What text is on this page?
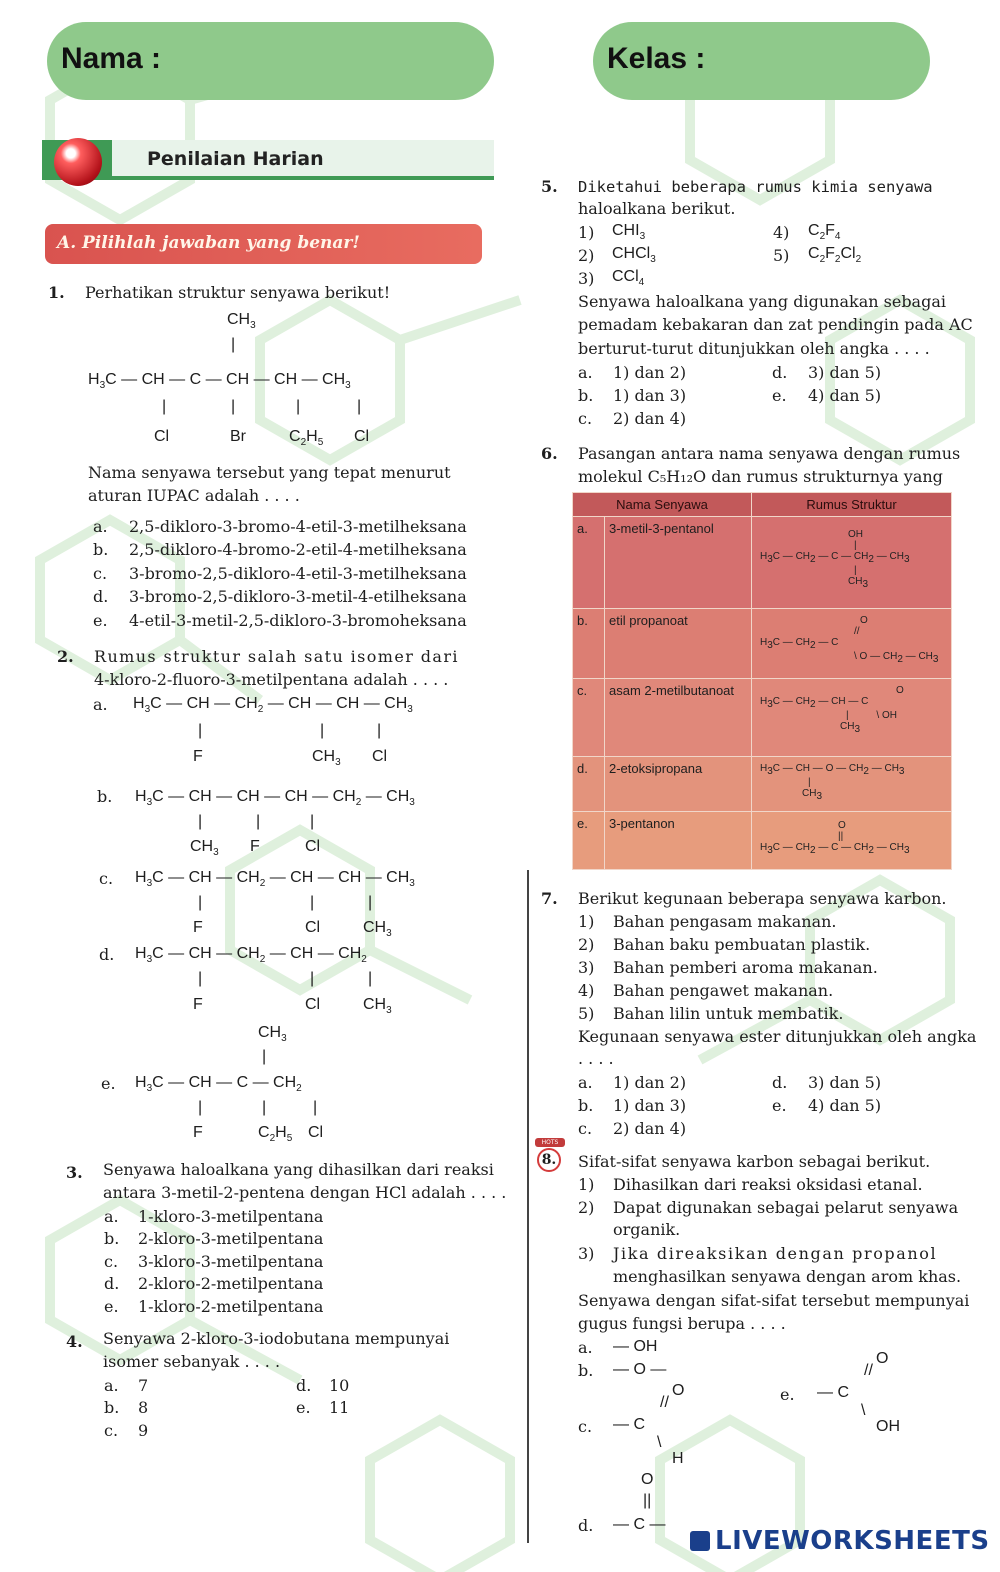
Nama :	Kelas :
Penilaian Harian
A. Pilihlah jawaban yang benar!
1. Perhatikan struktur senyawa berikut!
$CH_3$
|
$H_3C$ — CH — C — CH — CH — $CH_3$
|	|	|	|
Cl	Br	$C_2H_5$ Cl
Nama senyawa tersebut yang tepat menurut
aturan IUPAC adalah . . . .
a. 2,5-dikloro-3-bromo-4-etil-3-metilheksana
b. 2,5-dikloro-4-bromo-2-etil-4-metilheksana
c. 3-bromo-2,5-dikloro-4-etil-3-metilheksana
d. 3-bromo-2,5-dikloro-3-metil-4-etilheksana
e. 4-etil-3-metil-2,5-dikloro-3-bromoheksana
2. Rumus struktur salah satu isomer dari
4-kloro-2-fluoro-3-metilpentana adalah . . . .
a. $H_3C$ — CH — $CH_2$ — CH — CH — $CH_3$
|	|	|
F	$CH_3$ Cl
b. $H_3C$ — CH — CH — CH — $CH_2$ — $CH_3$
|	|	|
$CH_3$ F	Cl
c. $H_3C$ — CH — $CH_2$ — CH — CH — $CH_3$
|	|	|
F	Cl	$CH_3$
d. $H_3C$ — CH — $CH_2$ — CH — $CH_2$
|	|	|
F	Cl	$CH_3$
e.
$CH_3$
|
$H_3C$ — CH — C — $CH_2$
|	|	|
F	$C_2H_5$ Cl
3. Senyawa haloalkana yang dihasilkan dari reaksi
antara 3-metil-2-pentena dengan HCl adalah . . . .
a. 1-kloro-3-metilpentana
b. 2-kloro-3-metilpentana
c. 3-kloro-3-metilpentana
d. 2-kloro-2-metilpentana
e. 1-kloro-2-metilpentana
4. Senyawa 2-kloro-3-iodobutana mempunyai
isomer sebanyak . . . .
a. 7
b. 8
c. 9
d. 10
e. 11
5. Diketahui beberapa rumus kimia senyawa
haloalkana berikut.
1) $CHI_3$
2) CHCl$_3$
3) CCl$_4$
4) $C_2F_4$
5) $C_2F_2Cl_2$
Senyawa haloalkana yang digunakan sebagai
pemadam kebakaran dan zat pendingin pada AC
berturut-turut ditunjukkan oleh angka . . . .
a. 1) dan 2)
b. 1) dan 3)
c. 2) dan 4)
d. 3) dan 5)
e. 4) dan 5)
6. Pasangan antara nama senyawa dengan rumus
molekul C₅H₁₂O dan rumus strukturnya yang
Nama Senyawa		Rumus Struktur
a.	3-metil-3-pentanol	OH
|
$H_3C$ — $CH_2$ — C — $CH_2$ — $CH_3$
|
$CH_3$

b.	etil propanoat	O
//
$H_3C$ — $CH_2$ — C
\ O — $CH_2$ — $CH_3$

c.	asam 2-metilbutanoat	O
$H_3C$ — $CH_2$ — CH — C
|          \ OH
$CH_3$

d.	2-etoksipropana	$H_3C$ — CH — O — $CH_2$ — $CH_3$
|
$CH_3$

e.	3-pentanon	O
||
$H_3C$ — $CH_2$ — C — $CH_2$ — $CH_3$
7. Berikut kegunaan beberapa senyawa karbon.
1) Bahan pengasam makanan.
2) Bahan baku pembuatan plastik.
3) Bahan pemberi aroma makanan.
4) Bahan pengawet makanan.
5) Bahan lilin untuk membatik.
Kegunaan senyawa ester ditunjukkan oleh angka
. . . .
a. 1) dan 2)
b. 1) dan 3)
c. 2) dan 4)
d. 3) dan 5)
e. 4) dan 5)
HOTS
8. Sifat-sifat senyawa karbon sebagai berikut.
1) Dihasilkan dari reaksi oksidasi etanal.
2) Dapat digunakan sebagai pelarut senyawa
organik.
3) Jika direaksikan dengan propanol
menghasilkan senyawa dengan arom khas.
Senyawa dengan sifat-sifat tersebut mempunyai
gugus fungsi berupa . . . .
a. — OH
b. — O —
c.
O
//
— C
\
H
d.
O
||
— C —
e.
O
//
— C
\
OH
LIVEWORKSHEETS
